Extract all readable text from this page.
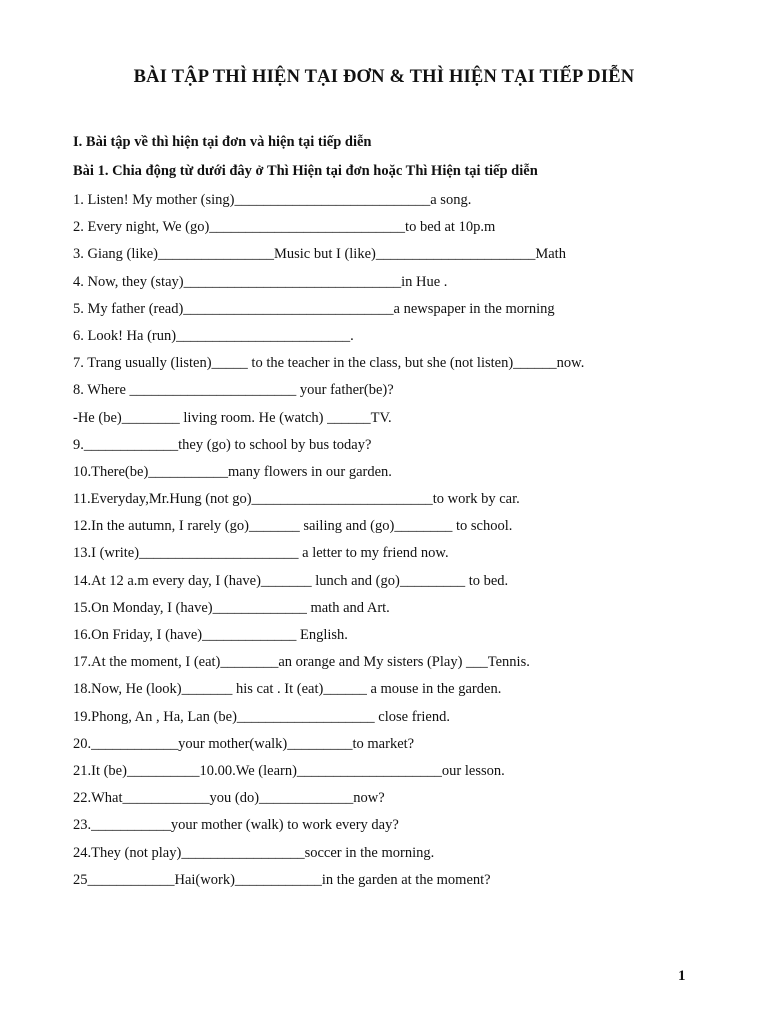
BÀI TẬP THÌ HIỆN TẠI ĐƠN & THÌ HIỆN TẠI TIẾP DIỄN
I. Bài tập về thì hiện tại đơn và hiện tại tiếp diễn
Bài 1. Chia động từ dưới đây ở Thì Hiện tại đơn hoặc Thì Hiện tại tiếp diễn
1. Listen! My mother (sing)___________________________a song.
2. Every night, We (go)___________________________to bed at 10p.m
3. Giang (like)________________Music but I (like)______________________Math
4. Now, they (stay)______________________________in Hue .
5. My father (read)_____________________________a newspaper in the morning
6. Look! Ha (run)________________________.
7. Trang usually (listen)_____ to the teacher in the class, but she (not listen)______now.
8. Where _______________________ your father(be)?
-He (be)________ living room. He (watch) ______TV.
9._____________they (go) to school by bus today?
10.There(be)___________many flowers in our garden.
11.Everyday,Mr.Hung (not go)_________________________to work by car.
12.In the autumn, I rarely (go)_______ sailing and (go)________ to school.
13.I (write)______________________ a letter to my friend now.
14.At 12 a.m every day, I (have)_______ lunch and (go)_________ to bed.
15.On Monday, I (have)_____________ math and Art.
16.On Friday, I (have)_____________ English.
17.At the moment, I (eat)________an orange and My sisters (Play) ___Tennis.
18.Now, He (look)_______ his cat . It (eat)______ a mouse in the garden.
19.Phong, An , Ha, Lan (be)___________________ close friend.
20.____________your mother(walk)_________to market?
21.It (be)__________10.00.We (learn)____________________our lesson.
22.What____________you (do)_____________now?
23.___________your mother (walk) to work every day?
24.They (not play)_________________soccer in the morning.
25____________Hai(work)____________in the garden at the moment?
1
